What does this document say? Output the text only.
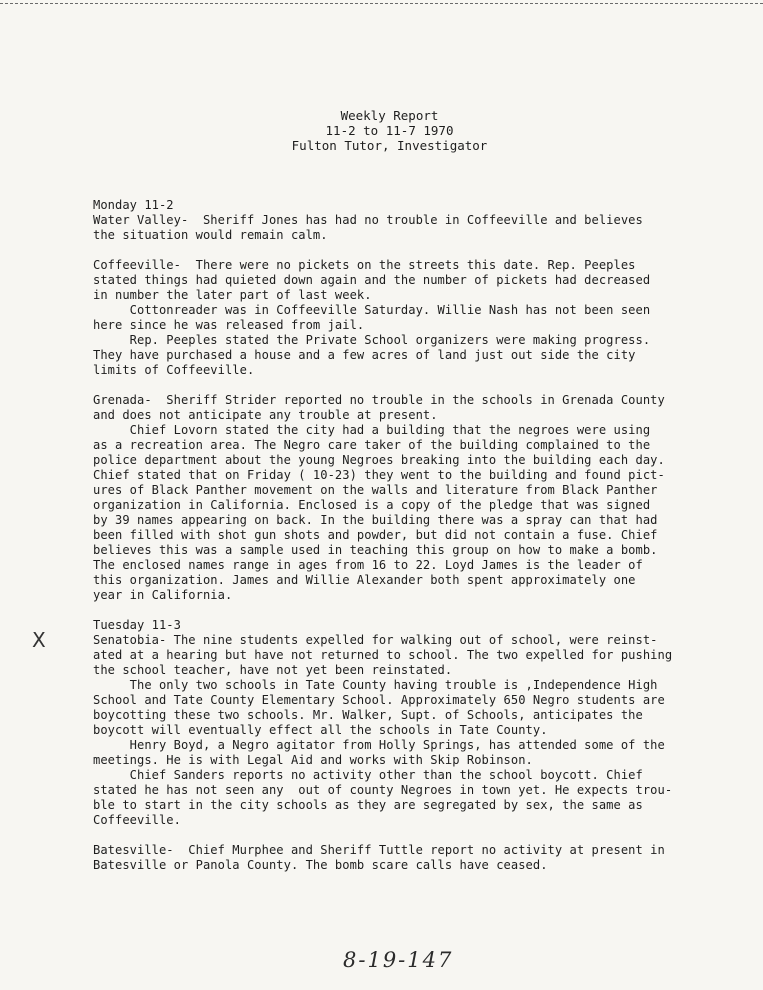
Weekly Report
11-2 to 11-7 1970
Fulton Tutor, Investigator
X
Monday 11-2
Water Valley-  Sheriff Jones has had no trouble in Coffeeville and believes
the situation would remain calm.
Coffeeville-  There were no pickets on the streets this date. Rep. Peeples
stated things had quieted down again and the number of pickets had decreased
in number the later part of last week.
Cottonreader was in Coffeeville Saturday. Willie Nash has not been seen
here since he was released from jail.
Rep. Peeples stated the Private School organizers were making progress.
They have purchased a house and a few acres of land just out side the city
limits of Coffeeville.
Grenada-  Sheriff Strider reported no trouble in the schools in Grenada County
and does not anticipate any trouble at present.
Chief Lovorn stated the city had a building that the negroes were using
as a recreation area. The Negro care taker of the building complained to the
police department about the young Negroes breaking into the building each day.
Chief stated that on Friday ( 10-23) they went to the building and found pict-
ures of Black Panther movement on the walls and literature from Black Panther
organization in California. Enclosed is a copy of the pledge that was signed
by 39 names appearing on back. In the building there was a spray can that had
been filled with shot gun shots and powder, but did not contain a fuse. Chief
believes this was a sample used in teaching this group on how to make a bomb.
The enclosed names range in ages from 16 to 22. Loyd James is the leader of
this organization. James and Willie Alexander both spent approximately one
year in California.
Tuesday 11-3
Senatobia- The nine students expelled for walking out of school, were reinst-
ated at a hearing but have not returned to school. The two expelled for pushing
the school teacher, have not yet been reinstated.
The only two schools in Tate County having trouble is ,Independence High
School and Tate County Elementary School. Approximately 650 Negro students are
boycotting these two schools. Mr. Walker, Supt. of Schools, anticipates the
boycott will eventually effect all the schools in Tate County.
Henry Boyd, a Negro agitator from Holly Springs, has attended some of the
meetings. He is with Legal Aid and works with Skip Robinson.
Chief Sanders reports no activity other than the school boycott. Chief
stated he has not seen any  out of county Negroes in town yet. He expects trou-
ble to start in the city schools as they are segregated by sex, the same as
Coffeeville.
Batesville-  Chief Murphee and Sheriff Tuttle report no activity at present in
Batesville or Panola County. The bomb scare calls have ceased.
8-19-147
